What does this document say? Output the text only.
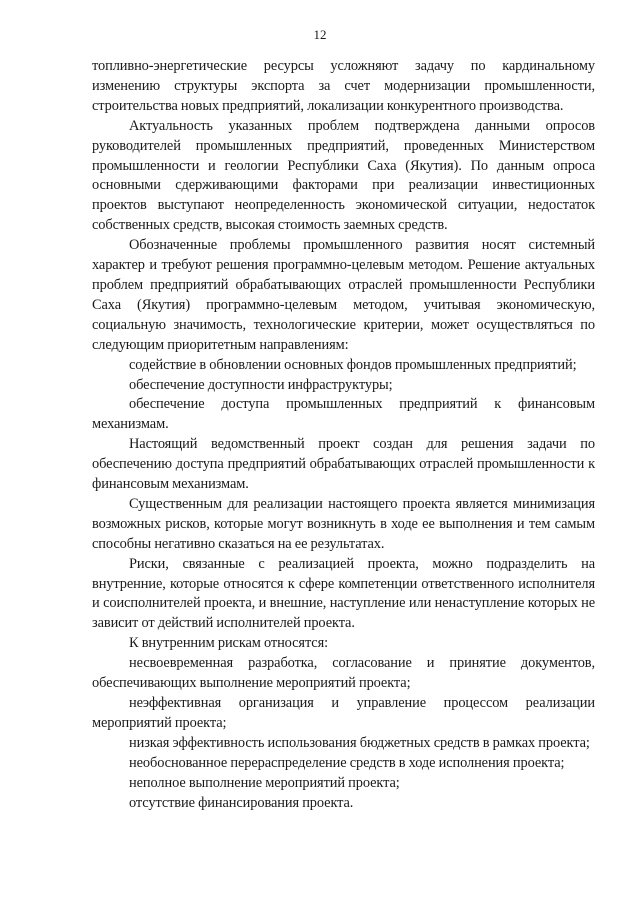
12

топливно-энергетические ресурсы усложняют задачу по кардинальному изменению структуры экспорта за счет модернизации промышленности, строительства новых предприятий, локализации конкурентного производства.

Актуальность указанных проблем подтверждена данными опросов руководителей промышленных предприятий, проведенных Министерством промышленности и геологии Республики Саха (Якутия). По данным опроса основными сдерживающими факторами при реализации инвестиционных проектов выступают неопределенность экономической ситуации, недостаток собственных средств, высокая стоимость заемных средств.

Обозначенные проблемы промышленного развития носят системный характер и требуют решения программно-целевым методом. Решение актуальных проблем предприятий обрабатывающих отраслей промышленности Республики Саха (Якутия) программно-целевым методом, учитывая экономическую, социальную значимость, технологические критерии, может осуществляться по следующим приоритетным направлениям:

содействие в обновлении основных фондов промышленных предприятий;

обеспечение доступности инфраструктуры;

обеспечение доступа промышленных предприятий к финансовым механизмам.

Настоящий ведомственный проект создан для решения задачи по обеспечению доступа предприятий обрабатывающих отраслей промышленности к финансовым механизмам.

Существенным для реализации настоящего проекта является минимизация возможных рисков, которые могут возникнуть в ходе ее выполнения и тем самым способны негативно сказаться на ее результатах.

Риски, связанные с реализацией проекта, можно подразделить на внутренние, которые относятся к сфере компетенции ответственного исполнителя и соисполнителей проекта, и внешние, наступление или ненаступление которых не зависит от действий исполнителей проекта.

К внутренним рискам относятся:

несвоевременная разработка, согласование и принятие документов, обеспечивающих выполнение мероприятий проекта;

неэффективная организация и управление процессом реализации мероприятий проекта;

низкая эффективность использования бюджетных средств в рамках проекта;

необоснованное перераспределение средств в ходе исполнения проекта;

неполное выполнение мероприятий проекта;

отсутствие финансирования проекта.
